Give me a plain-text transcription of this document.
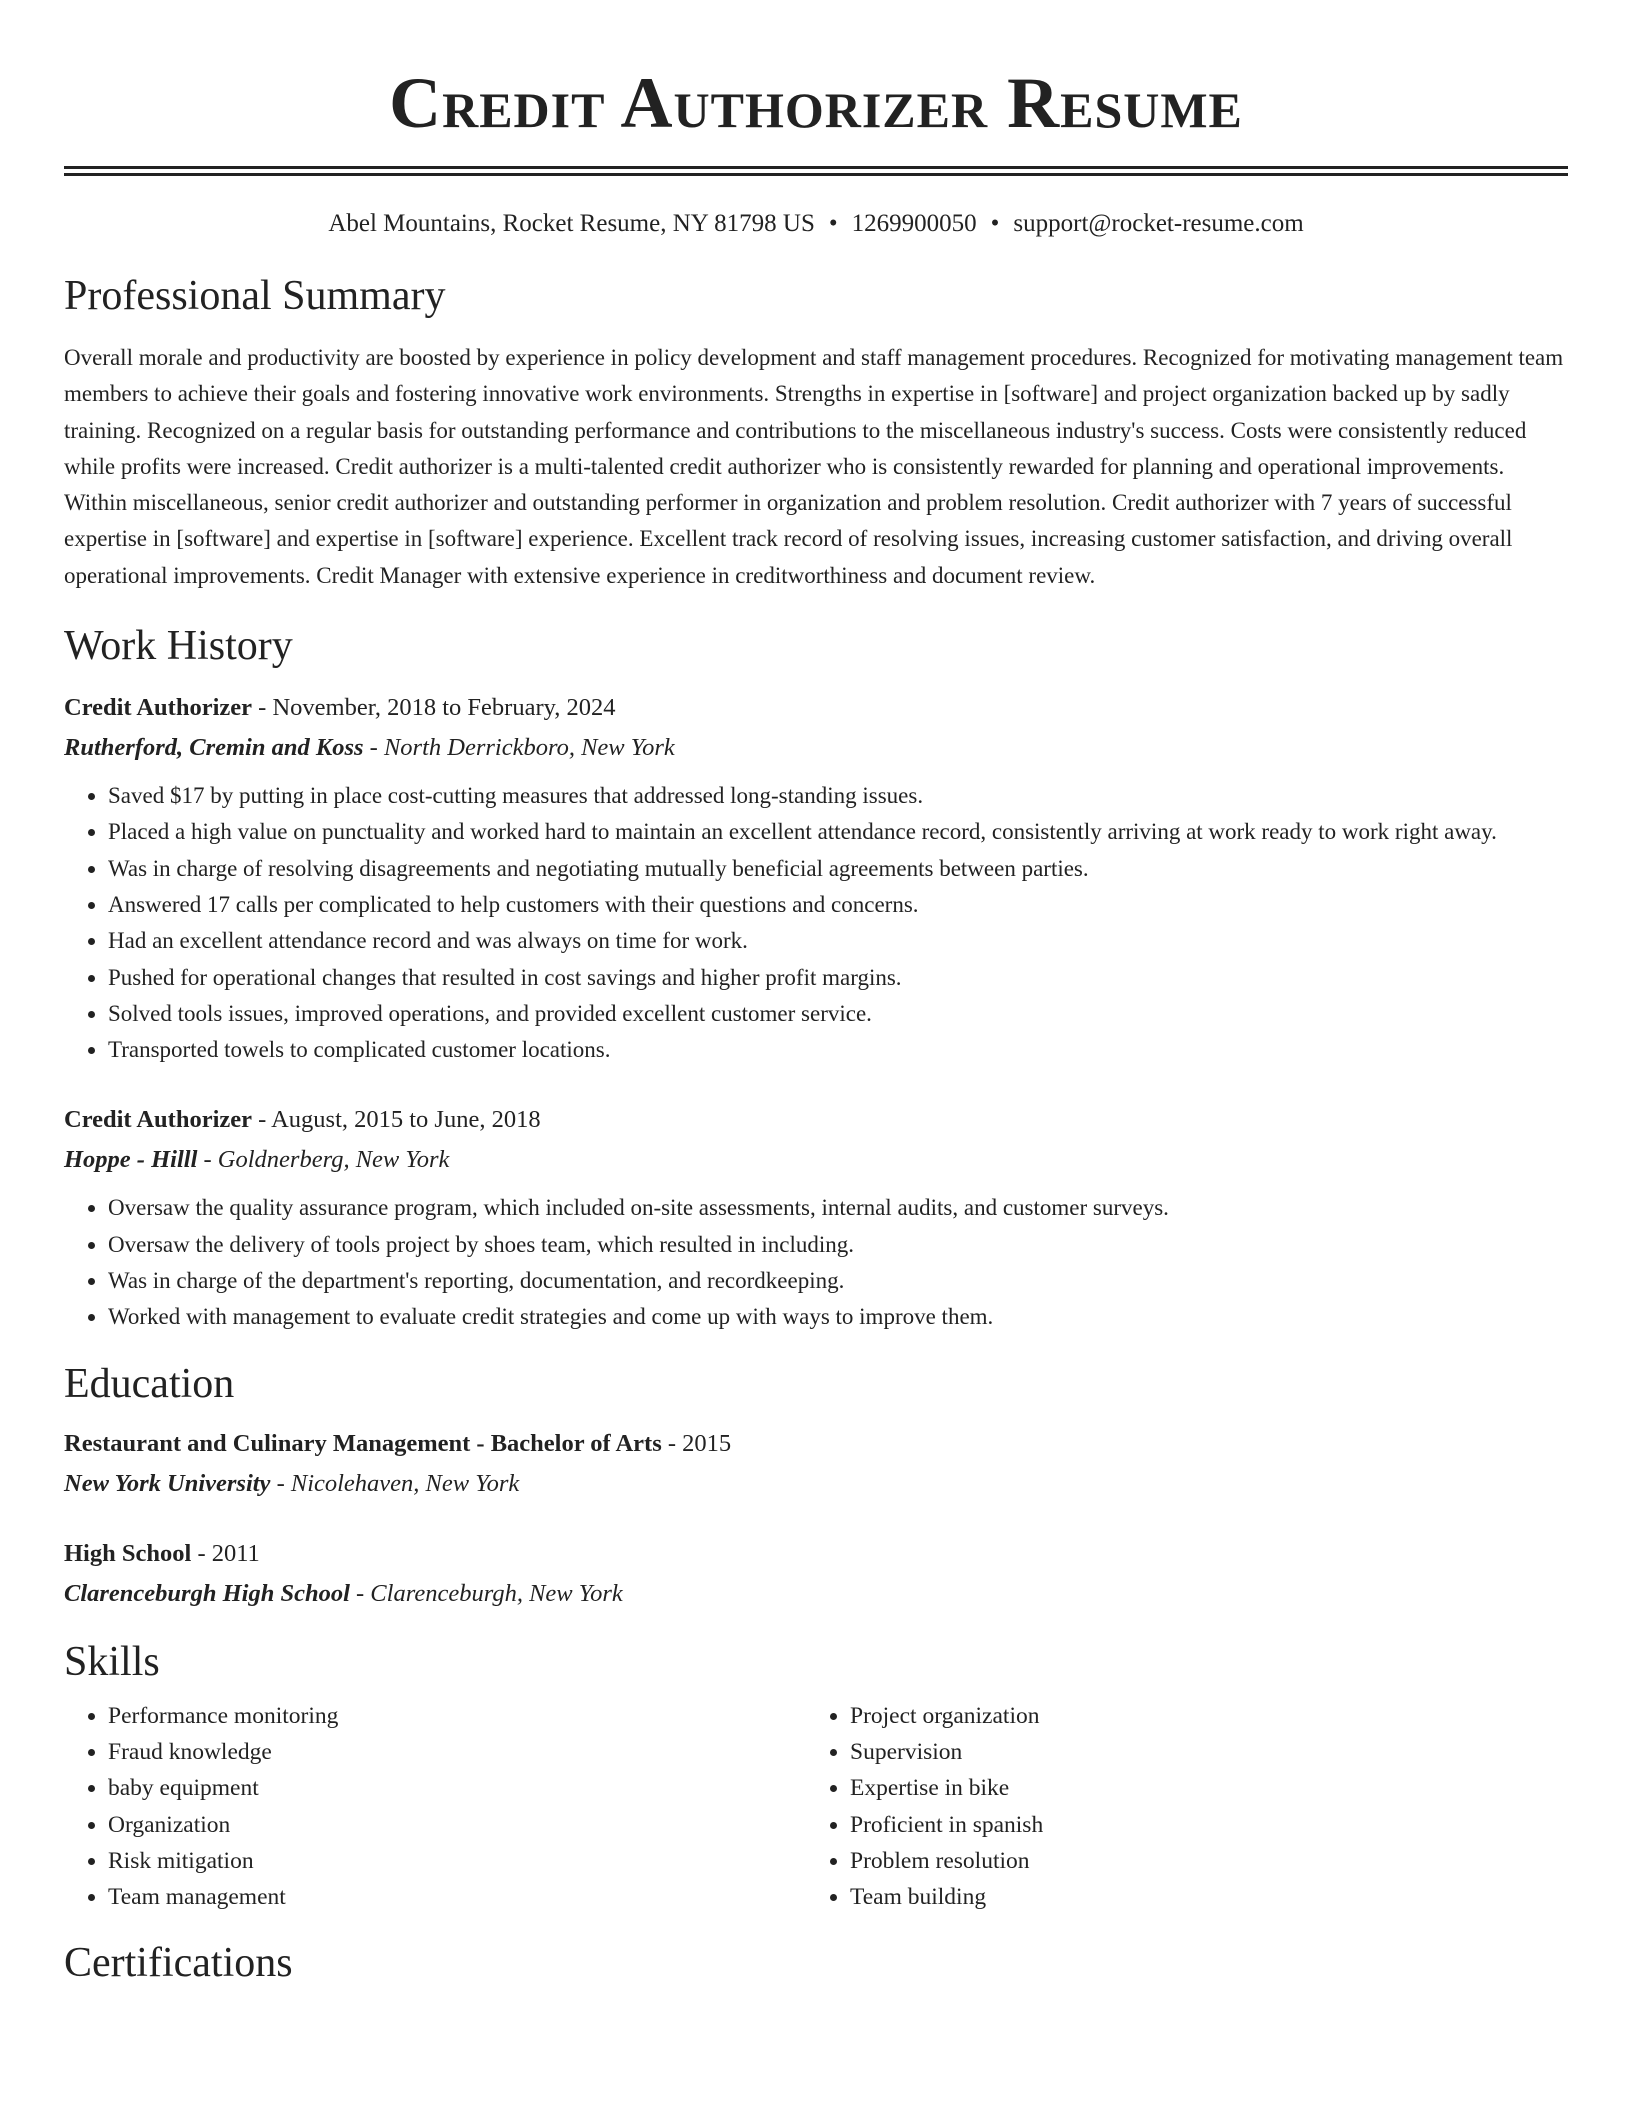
Credit Authorizer Resume
Abel Mountains, Rocket Resume, NY 81798 US • 1269900050 • support@rocket-resume.com
Professional Summary
Overall morale and productivity are boosted by experience in policy development and staff management procedures. Recognized for motivating management team members to achieve their goals and fostering innovative work environments. Strengths in expertise in [software] and project organization backed up by sadly training. Recognized on a regular basis for outstanding performance and contributions to the miscellaneous industry's success. Costs were consistently reduced while profits were increased. Credit authorizer is a multi-talented credit authorizer who is consistently rewarded for planning and operational improvements. Within miscellaneous, senior credit authorizer and outstanding performer in organization and problem resolution. Credit authorizer with 7 years of successful expertise in [software] and expertise in [software] experience. Excellent track record of resolving issues, increasing customer satisfaction, and driving overall operational improvements. Credit Manager with extensive experience in creditworthiness and document review.
Work History
Credit Authorizer - November, 2018 to February, 2024
Rutherford, Cremin and Koss - North Derrickboro, New York
• Saved $17 by putting in place cost-cutting measures that addressed long-standing issues.
• Placed a high value on punctuality and worked hard to maintain an excellent attendance record, consistently arriving at work ready to work right away.
• Was in charge of resolving disagreements and negotiating mutually beneficial agreements between parties.
• Answered 17 calls per complicated to help customers with their questions and concerns.
• Had an excellent attendance record and was always on time for work.
• Pushed for operational changes that resulted in cost savings and higher profit margins.
• Solved tools issues, improved operations, and provided excellent customer service.
• Transported towels to complicated customer locations.
Credit Authorizer - August, 2015 to June, 2018
Hoppe - Hilll - Goldnerberg, New York
• Oversaw the quality assurance program, which included on-site assessments, internal audits, and customer surveys.
• Oversaw the delivery of tools project by shoes team, which resulted in including.
• Was in charge of the department's reporting, documentation, and recordkeeping.
• Worked with management to evaluate credit strategies and come up with ways to improve them.
Education
Restaurant and Culinary Management - Bachelor of Arts - 2015
New York University - Nicolehaven, New York
High School - 2011
Clarenceburgh High School - Clarenceburgh, New York
Skills
• Performance monitoring
• Fraud knowledge
• baby equipment
• Organization
• Risk mitigation
• Team management
• Project organization
• Supervision
• Expertise in bike
• Proficient in spanish
• Problem resolution
• Team building
Certifications
